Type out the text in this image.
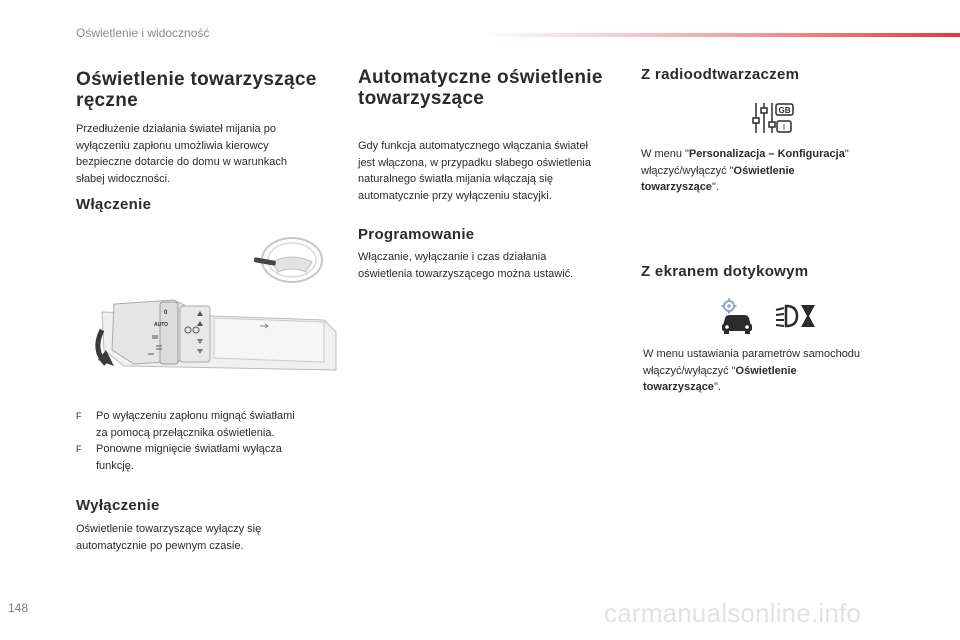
Oświetlenie i widoczność
Oświetlenie towarzyszące
ręczne
Przedłużenie działania świateł mijania po
wyłączeniu zapłonu umożliwia kierowcy
bezpieczne dotarcie do domu w warunkach
słabej widoczności.
Włączenie
0
AUTO
F Po wyłączeniu zapłonu mignąć światłami
za pomocą przełącznika oświetlenia.
F Ponowne mignięcie światłami wyłącza
funkcję.
Wyłączenie
Oświetlenie towarzyszące wyłączy się
automatycznie po pewnym czasie.
Automatyczne oświetlenie
towarzyszące
Gdy funkcja automatycznego włączania świateł
jest włączona, w przypadku słabego oświetlenia
naturalnego światła mijania włączają się
automatycznie przy wyłączeniu stacyjki.
Programowanie
Włączanie, wyłączanie i czas działania
oświetlenia towarzyszącego można ustawić.
Z radioodtwarzaczem
GB
I
W menu "Personalizacja – Konfiguracja"
włączyć/wyłączyć "Oświetlenie
towarzyszące".
Z ekranem dotykowym
W menu ustawiania parametrów samochodu
włączyć/wyłączyć "Oświetlenie
towarzyszące".
148	carmanualsonline.info
